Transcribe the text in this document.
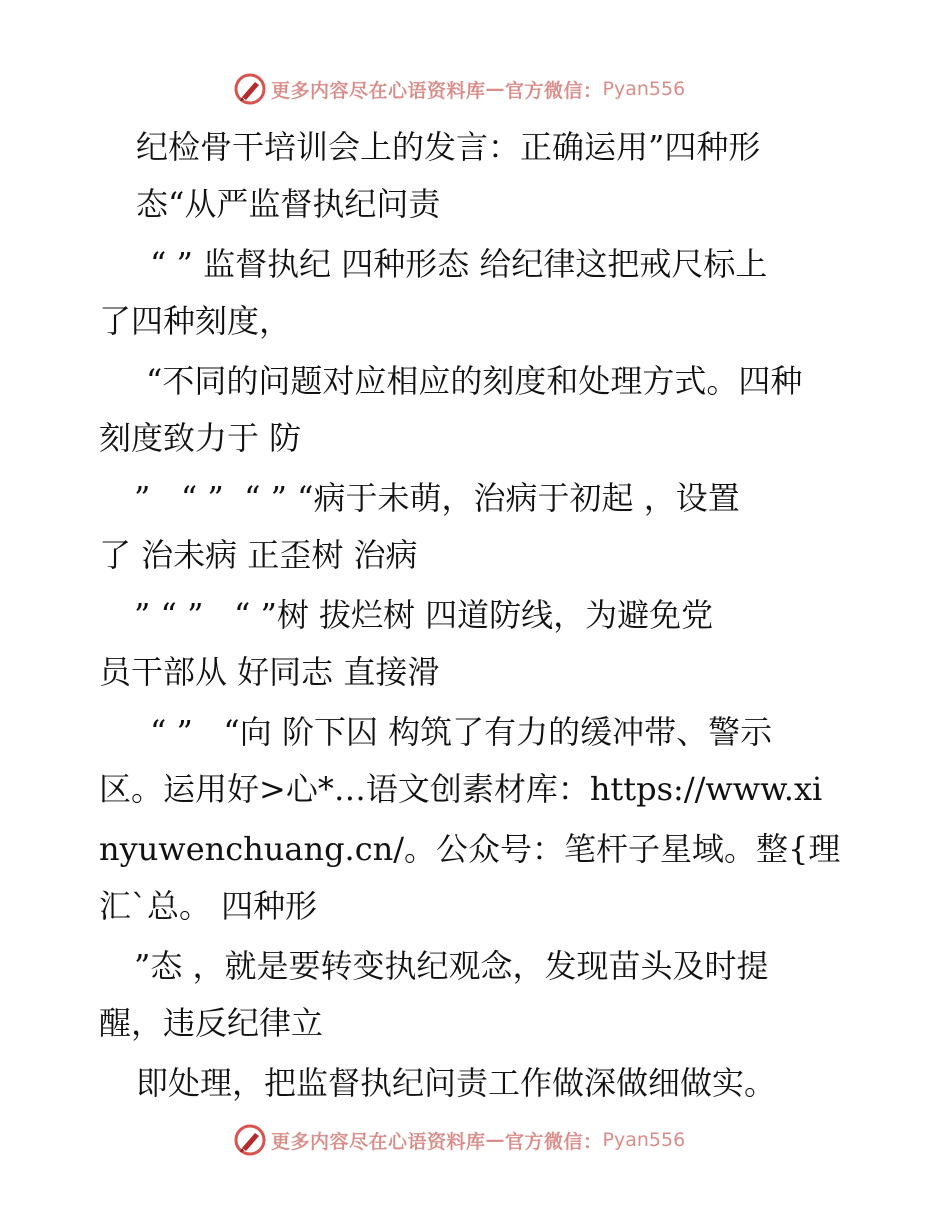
更多内容尽在心语资料库 — 官方微信： Pyan556
纪检骨干培训会上的发言：正确运用”四种形
态“从严监督执纪问责
“ ” 监督执纪 四种形态 给纪律这把戒尺标上
了四种刻度，
“不同的问题对应相应的刻度和处理方式。四种
刻度致力于 防
”   “ ”  “ ” “病于未萌，治病于初起 ，设置
了 治未病 正歪树 治病
” “ ”   “ ”树 拔烂树 四道防线，为避免党
员干部从 好同志 直接滑
“ ”   “向 阶下囚 构筑了有力的缓冲带、警示
区。运用好>心*…语文创素材库：https://www.xi
nyuwenchuang.cn/。公众号：笔杆子星域。整{理
汇`总。 四种形
”态 ，就是要转变执纪观念，发现苗头及时提
醒，违反纪律立
即处理，把监督执纪问责工作做深做细做实。
更多内容尽在心语资料库 — 官方微信： Pyan556
